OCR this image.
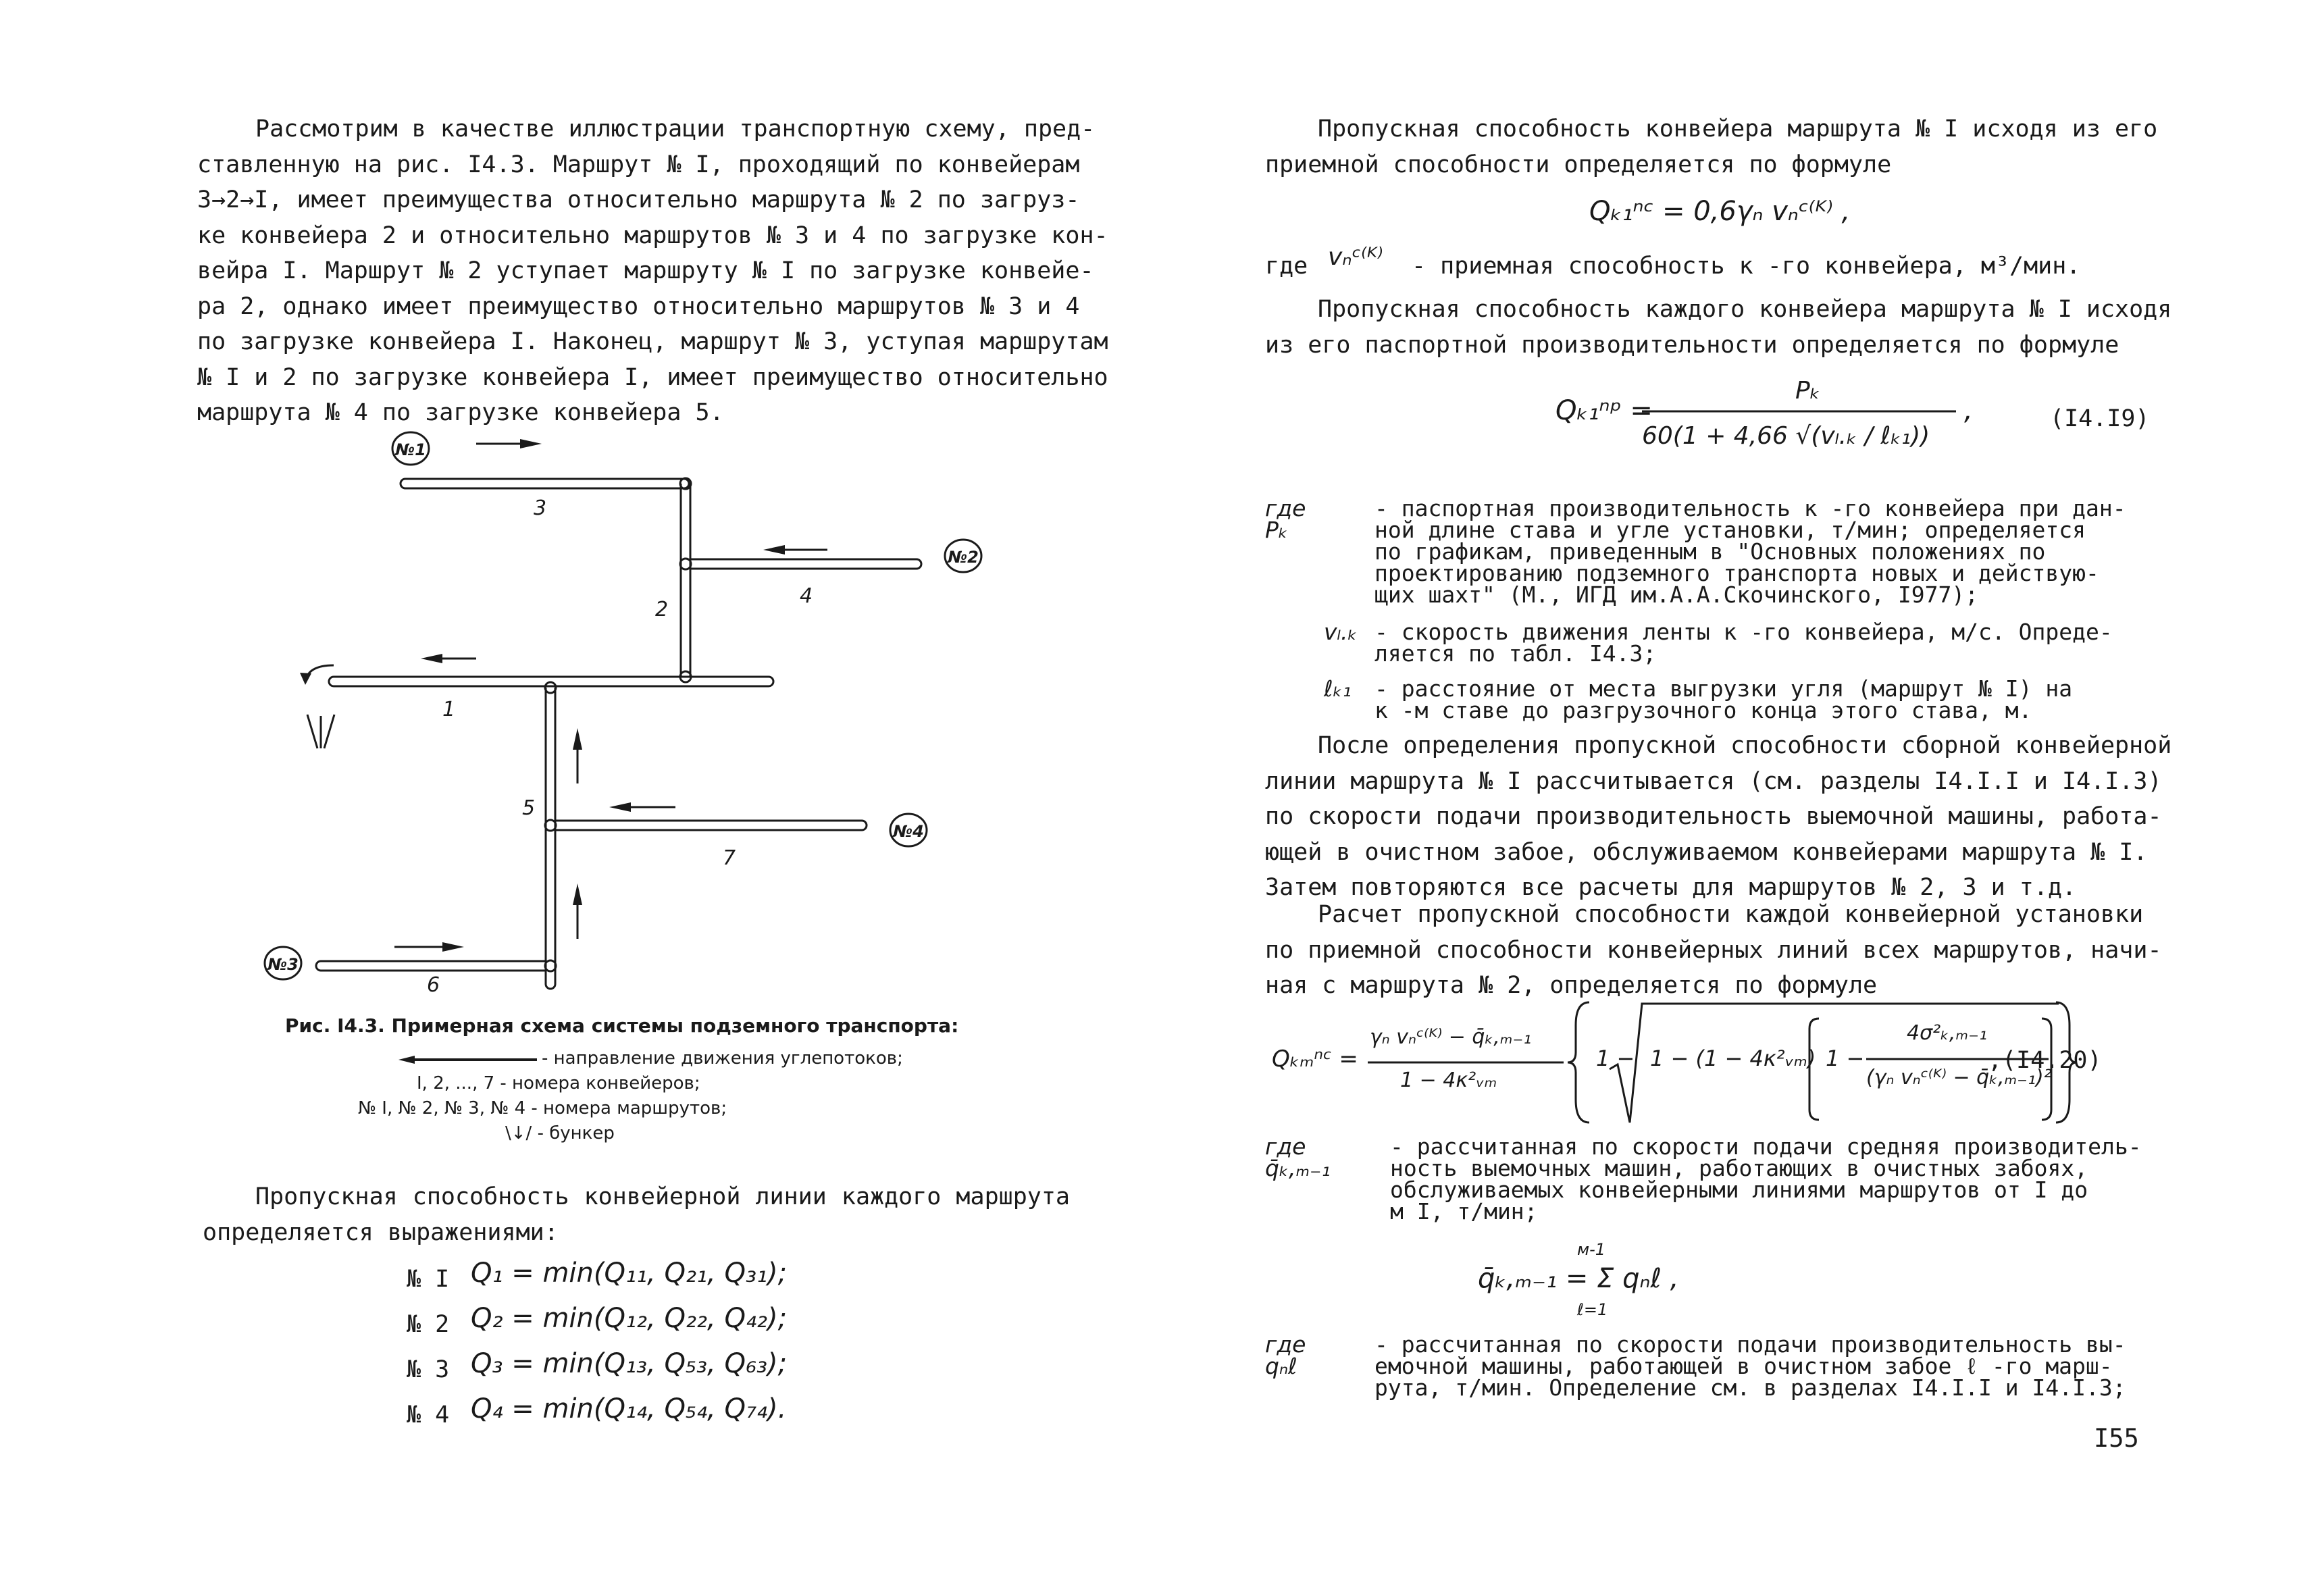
Рассмотрим в качестве иллюстрации транспортную схему, пред-
ставленную на рис. I4.3. Маршрут № I, проходящий по конвейерам
3→2→I, имеет преимущества относительно маршрута № 2 по загруз-
ке конвейера 2 и относительно маршрутов № 3 и 4 по загрузке кон-
вейра I. Маршрут № 2 уступает маршруту № I по загрузке конвейе-
ра 2, однако имеет преимущество относительно маршрутов № 3 и 4
по загрузке конвейера I. Наконец, маршрут № 3, уступая маршрутам
№ I и 2 по загрузке конвейера I, имеет преимущество относительно
маршрута № 4 по загрузке конвейера 5.
№1
№2
№3
№4
1
2
3
4
5
6
7
Рис. I4.3. Примерная схема системы подземного транспорта:
- направление движения углепотоков;
I, 2, ..., 7 - номера конвейеров;
№ I, № 2, № 3, № 4 - номера маршрутов;
\↓/ - бункер
Пропускная способность конвейерной линии каждого маршрута
определяется выражениями:
№ I Q₁ = min(Q₁₁, Q₂₁, Q₃₁);
№ 2 Q₂ = min(Q₁₂, Q₂₂, Q₄₂);
№ 3 Q₃ = min(Q₁₃, Q₅₃, Q₆₃);
№ 4 Q₄ = min(Q₁₄, Q₅₄, Q₇₄).
Пропускная способность конвейера маршрута № I исходя из его
приемной способности определяется по формуле
Qₖ₁ⁿᶜ = 0,6γₙ vₙᶜ⁽ᴷ⁾ ,
где vₙᶜ⁽ᴷ⁾ - приемная способность к -го конвейера, м³/мин.
Пропускная способность каждого конвейера маршрута № I исходя
из его паспортной производительности определяется по формуле
Qₖ₁ⁿᵖ =
Pₖ
60(1 + 4,66 √(vₗ.ₖ / ℓₖ₁))
,	(I4.I9)
где Pₖ
- паспортная производительность к -го конвейера при дан-
ной длине става и угле установки, т/мин; определяется
по графикам, приведенным в "Основных положениях по
проектированию подземного транспорта новых и действую-
щих шахт" (М., ИГД им.А.А.Скочинского, I977);
vₗ.ₖ - скорость движения ленты к -го конвейера, м/с. Опреде-
ляется по табл. I4.3;
ℓₖ₁ - расстояние от места выгрузки угля (маршрут № I) на
к -м ставе до разгрузочного конца этого става, м.
После определения пропускной способности сборной конвейерной
линии маршрута № I рассчитывается (см. разделы I4.I.I и I4.I.3)
по скорости подачи производительность выемочной машины, работа-
ющей в очистном забое, обслуживаемом конвейерами маршрута № I.
Затем повторяются все расчеты для маршрутов № 2, 3 и т.д.
Расчет пропускной способности каждой конвейерной установки
по приемной способности конвейерных линий всех маршрутов, начи-
ная с маршрута № 2, определяется по формуле
Qₖₘⁿᶜ =
γₙ vₙᶜ⁽ᴷ⁾ − q̄ₖ,ₘ₋₁
1 − 4κ²ᵥₘ
1 − 1 − (1 − 4κ²ᵥₘ) 1 −
4σ²ₖ,ₘ₋₁
(γₙ vₙᶜ⁽ᴷ⁾ − q̄ₖ,ₘ₋₁)²
,(I4.20)
где q̄ₖ,ₘ₋₁
- рассчитанная по скорости подачи средняя производитель-
ность выемочных машин, работающих в очистных забоях,
обслуживаемых конвейерными линиями маршрутов от I до
м I, т/мин;
м-1
q̄ₖ,ₘ₋₁ = Σ qₙℓ ,
ℓ=1
где qₙℓ
- рассчитанная по скорости подачи производительность вы-
емочной машины, работающей в очистном забое ℓ -го марш-
рута, т/мин. Определение см. в разделах I4.I.I и I4.I.3;
I55
